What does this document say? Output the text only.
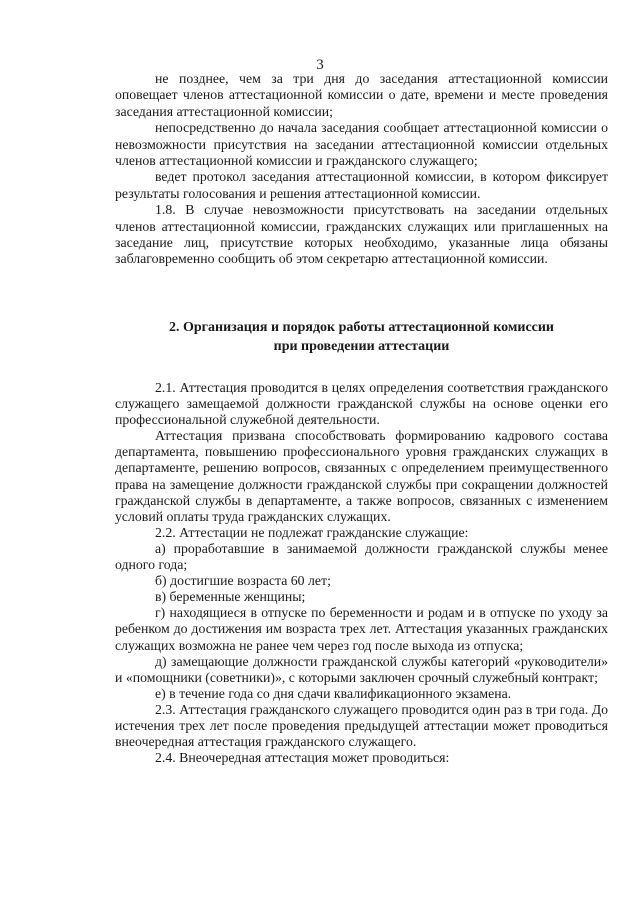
3

не позднее, чем за три дня до заседания аттестационной комиссии оповещает членов аттестационной комиссии о дате, времени и месте проведения заседания аттестационной комиссии;

непосредственно до начала заседания сообщает аттестационной комиссии о невозможности присутствия на заседании аттестационной комиссии отдельных членов аттестационной комиссии и гражданского служащего;

ведет протокол заседания аттестационной комиссии, в котором фиксирует результаты голосования и решения аттестационной комиссии.

1.8. В случае невозможности присутствовать на заседании отдельных членов аттестационной комиссии, гражданских служащих или приглашенных на заседание лиц, присутствие которых необходимо, указанные лица обязаны заблаговременно сообщить об этом секретарю аттестационной комиссии.

2. Организация и порядок работы аттестационной комиссии
при проведении аттестации

2.1. Аттестация проводится в целях определения соответствия гражданского служащего замещаемой должности гражданской службы на основе оценки его профессиональной служебной деятельности.

Аттестация призвана способствовать формированию кадрового состава департамента, повышению профессионального уровня гражданских служащих в департаменте, решению вопросов, связанных с определением преимущественного права на замещение должности гражданской службы при сокращении должностей гражданской службы в департаменте, а также вопросов, связанных с изменением условий оплаты труда гражданских служащих.

2.2. Аттестации не подлежат гражданские служащие:

а) проработавшие в занимаемой должности гражданской службы менее одного года;

б) достигшие возраста 60 лет;

в) беременные женщины;

г) находящиеся в отпуске по беременности и родам и в отпуске по уходу за ребенком до достижения им возраста трех лет. Аттестация указанных гражданских служащих возможна не ранее чем через год после выхода из отпуска;

д) замещающие должности гражданской службы категорий «руководители» и «помощники (советники)», с которыми заключен срочный служебный контракт;

е) в течение года со дня сдачи квалификационного экзамена.

2.3. Аттестация гражданского служащего проводится один раз в три года. До истечения трех лет после проведения предыдущей аттестации может проводиться внеочередная аттестация гражданского служащего.

2.4. Внеочередная аттестация может проводиться:
